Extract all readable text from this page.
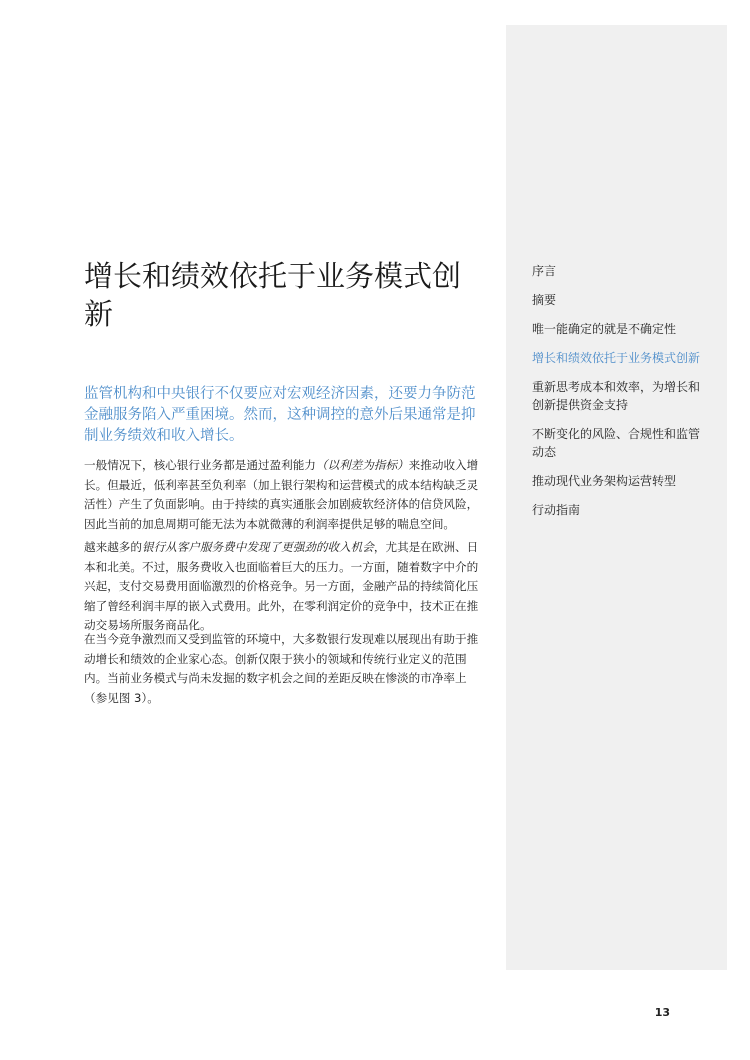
增长和绩效依托于业务模式创新
监管机构和中央银行不仅要应对宏观经济因素，还要力争防范金融服务陷入严重困境。然而，这种调控的意外后果通常是抑制业务绩效和收入增长。

一般情况下，核心银行业务都是通过盈利能力（以利差为指标）来推动收入增长。但最近，低利率甚至负利率（加上银行架构和运营模式的成本结构缺乏灵活性）产生了负面影响。由于持续的真实通胀会加剧疲软经济体的信贷风险，因此当前的加息周期可能无法为本就微薄的利润率提供足够的喘息空间。

越来越多的银行从客户服务费中发现了更强劲的收入机会，尤其是在欧洲、日本和北美。不过，服务费收入也面临着巨大的压力。一方面，随着数字中介的兴起，支付交易费用面临激烈的价格竞争。另一方面，金融产品的持续简化压缩了曾经利润丰厚的嵌入式费用。此外，在零利润定价的竞争中，技术正在推动交易场所服务商品化。

在当今竞争激烈而又受到监管的环境中，大多数银行发现难以展现出有助于推动增长和绩效的企业家心态。创新仅限于狭小的领域和传统行业定义的范围内。当前业务模式与尚未发掘的数字机会之间的差距反映在惨淡的市净率上（参见图 3）。

序言
摘要
唯一能确定的就是不确定性
增长和绩效依托于业务模式创新
重新思考成本和效率，为增长和创新提供资金支持
不断变化的风险、合规性和监管动态
推动现代业务架构运营转型
行动指南
13
